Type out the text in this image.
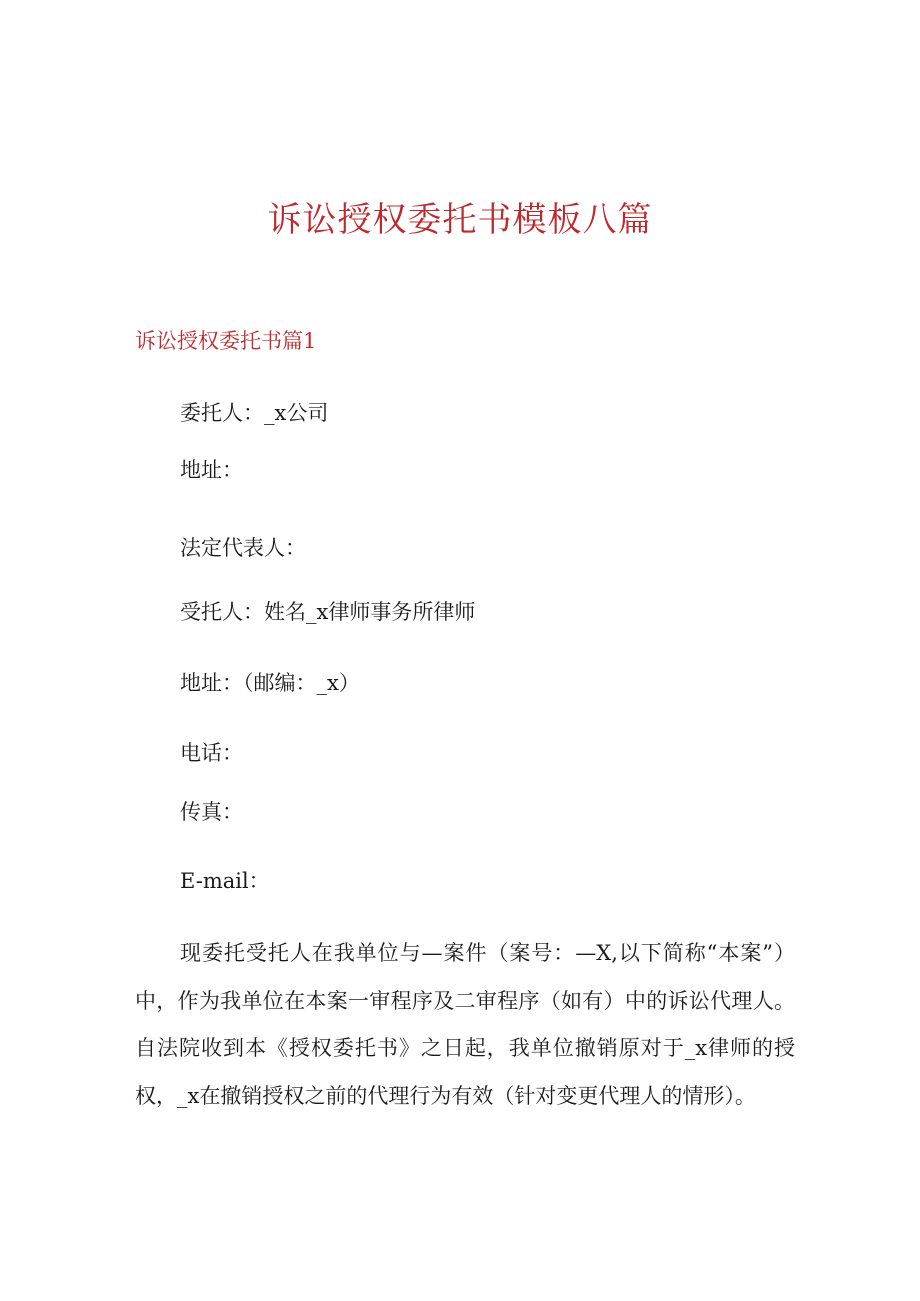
诉讼授权委托书模板八篇
诉讼授权委托书篇1
委托人：_x公司
地址：
法定代表人：
受托人：姓名_x律师事务所律师
地址：（邮编：_x）
电话：
传真：
E-mail：
现委托受托人在我单位与—案件（案号：—X,以下简称“本案”）中，作为我单位在本案一审程序及二审程序（如有）中的诉讼代理人。自法院收到本《授权委托书》之日起，我单位撤销原对于_x律师的授权，_x在撤销授权之前的代理行为有效（针对变更代理人的情形）。
